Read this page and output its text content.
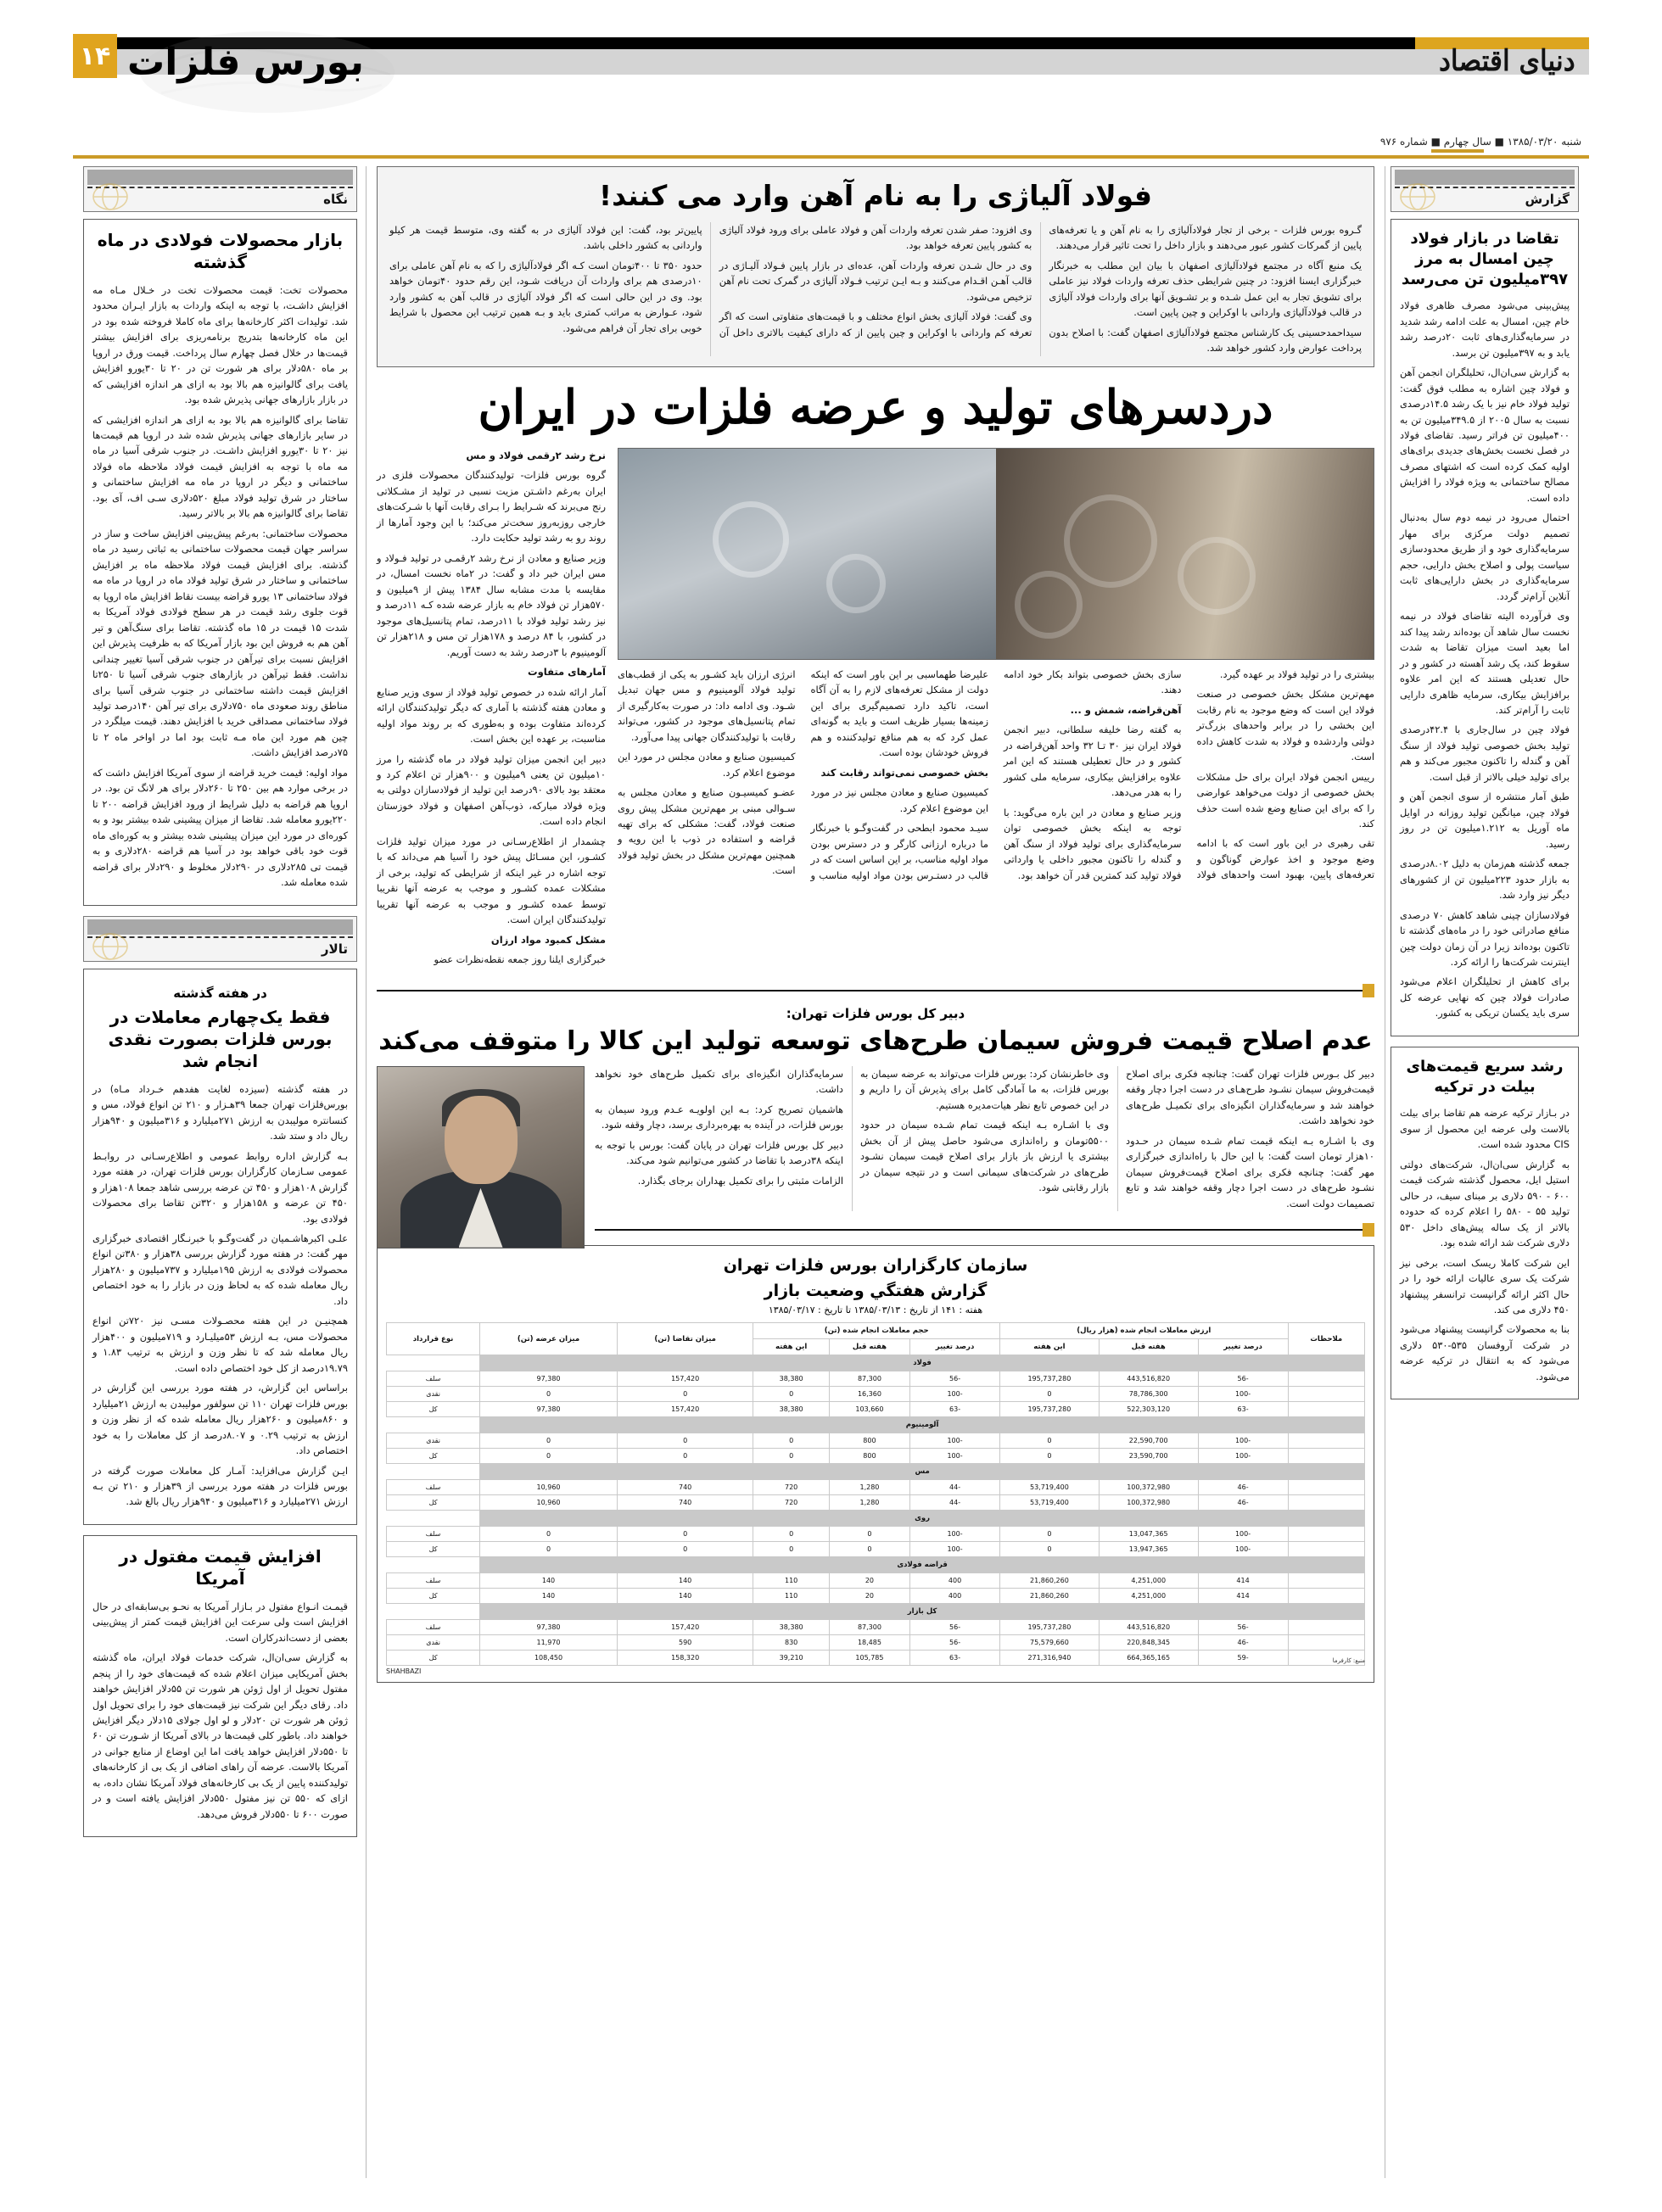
دنیای اقتصاد
بورس فلزات
۱۴
شنبه ۱۳۸۵/۰۳/۲۰ ■ سال چهارم ■ شماره ۹۷۶
نگاه
بازار محصولات فولادی در ماه گذشته

محصولات تخت: قیمت محصولات تخت در خـلال مـاه مه افزایش داشـت، با توجه به اینکه واردات به بازار ایـران محدود شد. تولیدات اکثر کارخانه‌ها برای ماه کاملا فروخته شده بود در این ماه کارخانه‌ها بتدریج برنامه‌ریزی برای افزایش بیشتر قیمت‌ها در خلال فصل چهارم سال پرداخت. قیمت ورق در اروپا بر ماه ۵۸۰دلار برای هر شورت تن در ۲۰ تا ۳۰یورو افزایش یافت برای گالوانیزه هم بالا بود به ازای هر اندازه افزایشی که در بازار بازارهای جهانی پذیرش شده بود.

تقاضا برای گالوانیزه هم بالا بود به ازای هر اندازه افزایشی که در سایر بازارهای جهانی پذیرش شده شد در اروپا هم قیمت‌ها نیز ۲۰ تا ۳۰یورو افزایش داشـت. در جنوب شرقی آسیا در ماه مه ماه با توجه به افزایش قیمت فولاد ملاحظه ماه فولاد ساختمانی و دیگر در اروپا در ماه مه افزایش ساختمانی و ساختار در شرق تولید فولاد مبلغ ۵۲۰دلاری سـی اف، آی بود. تقاضا برای گالوانیزه هم بالا بر بالاتر رسید.

محصولات ساختمانی: به‌رغم پیش‌بینی افزایش ساخت و ساز در سراسر جهان قیمت محصولات ساختمانی به ثباتی رسید در ماه گذشته. برای افزایش قیمت فولاد ملاحظه ماه بر افزایش ساختمانی و ساختار در شرق تولید فولاد ماه در اروپا در ماه مه فولاد ساختمانی ۱۳ یورو قراضه بیست نقاط افزایش ماه اروپا به قوت جلوی رشد قیمت در هر سطح فولادی فولاد آمریکا به شدت ۱۵ قیمت در ۱۵ ماه گذشته. تقاضا برای سنگ‌آهن و تیر آهن هم به فروش این بود بازار آمریکا که به ظرفیت پذیرش این افزایش نسبت برای تیرآهن در جنوب شرقی آسیا تغییر چندانی نداشت. فقط تیرآهن در بازارهای جنوب شرقی آسیا تا ۲۵۰تا افزایش قیمت داشته ساختمانی در جنوب شرقی آسیا برای مناطق روند صعودی ماه ۷۵۰دلاری برای تیر آهن ۱۴۰درصد تولید فولاد ساختمانی مصداقی خرید با افزایش دهند. قیمت میلگرد در چین هم مورد این ماه مـه ثابت بود اما در اواخر ماه ۲ تا ۷۵درصد افزایش داشت.

مواد اولیه: قیمت خرید قراضه از سوی آمریکا افزایش داشت که در برخی موارد هم بین ۲۵۰ تا ۲۶۰دلار برای هر لانگ تن بود. در اروپا هم قراضه به دلیل شرایط از ورود افزایش قراضه ۲۰۰ تا ۲۲۰یورو معامله شد. تقاضا از میزان پیشینی شده بیشتر بود و به کوره‌ای در مورد این میزان پیشینی شده بیشتر و به کوره‌ای ماه قوت خود باقی خواهد بود در آسیا هم قراضه ۲۸۰دلاری و به قیمت تی ۲۸۵دلاری در ۲۹۰دلار مخلوط و ۲۹۰دلار برای قراضه شده معامله شد.

تالار
در هفته گذشته
فقط یک‌چهارم معاملات در بورس فلزات بصورت نقدی انجام شد

در هفته گذشته (سیزده لغایت هفدهم خـرداد مـاه) در بورس‌فلزات تهران جمعا ۳۹هـزار و ۲۱۰ تن انواع فولاد، مس و کنسانتره مولیبدن به ارزش ۲۷۱میلیارد و ۳۱۶میلیون و ۹۴۰هزار ریال داد و ستد شد.

بـه گزارش اداره روابط عمومی و اطلاع‌رسـانی در روابـط عمومی سـازمان کارگزاران بورس فلزات تهران، در هفته مورد گزارش ۱۰۸هزار و ۴۵۰ تن عرضه بررسی شاهد جمعا ۱۰۸هزار و ۴۵۰ تن عرضه و ۱۵۸هزار و ۳۲۰تن تقاضا برای محصولات فولادی بود.

علـی اکبرهاشـمیان در گفت‌وگـو با خبرنـگار اقتصادی خبرگزاری مهر گفت: در هفته مورد گزارش بررسی ۳۸هزار و ۳۸۰تن انواع محصولات فولادی به ارزش ۱۹۵میلیارد و ۷۳۷میلیون و ۲۸۰هزار ریال معامله شده که به لحاظ وزن در بازار را به خود اختصاص داد.

همچنیـن در این هفته محصـولات مسـی نیز ۷۲۰تن انواع محصولات مس، بـه ارزش ۵۳میلیـارد و ۷۱۹میلیون و ۴۰۰هزار ریال معامله شد که تا نظر وزن و ارزش به ترتیب ۱.۸۳ و ۱۹.۷۹درصد از کل خود اختصاص داده است.

براساس این گزارش، در هفته مورد بررسی این گزارش در بورس فلزات تهران ۱۱۰ تن سولفور مولیبدن به ارزش ۲۱میلیارد و ۸۶۰میلیون و ۲۶۰هزار ریال معامله شده که از نظر وزن و ارزش به ترتیب ۰.۲۹ و ۸.۰۷درصد از کل معاملات را به خود اختصاص داد.

ایـن گزارش می‌افزاید: آمـار کل معاملات صورت گرفته در بورس فلزات در هفته مورد بررسی از ۳۹هزار و ۲۱۰ تن بـه ارزش ۲۷۱میلیارد و ۳۱۶میلیون و ۹۴۰هزار ریال بالغ شد.

افزایش قیمت مفتول در آمریکا

قیمـت انـواع مفتول در بـازار آمریکا به نحـو بی‌سابقه‌ای در حال افزایش است ولی سرعت این افزایش قیمت کمتر از پیش‌بینی بعضی از دست‌اندرکاران است.

به گزارش سی‌ان‌ال، شرکت خدمات فولاد ایران، ماه گذشته بخش آمریکایی میزان اعلام شده که قیمت‌های خود را از پنجم مفتول تحویل از اول ژوئن هر شورت تن ۵۵دلار افزایش خواهند داد. رقای دیگر این شرکت نیز قیمت‌های خود را برای تحویل اول ژوئن هر شورت تن ۲۰دلار و لو اول جولای ۱۵دلار دیگر افزایش خواهند داد. باطور کلی قیمت‌ها در بالای آمریکا از شـورت تن ۶۰ تا ۵۵۰دلار افزایش خواهد یافت اما این اوضاع از منابع جوانی در آمریکا بالاست. عرضه آن راهای اضافی از یک بی از کارخانه‌های تولیدکننده پایین از یک بی کارخانه‌های فولاد آمریکا نشان داده، به ازای که ۵۵۰ تن نیز مفتول ۵۵۰دلار افزایش یافته است و در صورت ۶۰۰ تا ۵۵۰دلار فروش می‌دهد.

فولاد آلیاژی را به نام آهن وارد می کنند!

گـروه بورس فلزات - برخی از تجار فولادآلیاژی را به نام آهن و یا تعرفه‌های پایین از گمرکات کشور عبور می‌دهند و بازار داخل را تحت تاثیر قرار می‌دهند.

یک منبع آگاه در مجتمع فولادآلیاژی اصفهان با بیان این مطلب به خبرنگار خبرگزاری ایسنا افزود: در چنین شرایطی حذف تعرفه واردات فولاد نیز عاملی برای تشویق تجار به این عمل شـده و بر تشـویق آنها برای واردات فولاد آلیاژی در قالب فولادآلیاژی واردانی با اوکراین و چین پایین است.

سیداحمدحسینی یک کارشناس مجتمع فولادآلیاژی اصفهان گفت: با اصلاح بدون پرداخت عوارض وارد کشور خواهد شد.

وی افزود: صفر شدن تعرفه واردات آهن و فولاد عاملی برای ورود فولاد آلیاژی به کشور پایین تعرفه خواهد بود.

وی در حال شـدن تعرفه واردات آهن، عده‌ای در بازار پایین فـولاد آلیـاژی در قالب آهـن اقـدام می‌کنند و بـه ایـن ترتیب فـولاد آلیاژی در گمرک تحت نام آهن تزخیص می‌شود.

وی گفت: فولاد آلیاژی بخش انواع مختلف و با قیمت‌های متفاوتی است که اگر تعرفه کم واردانی با اوکراین و چین پایین از که دارای کیفیت بالاتری داخل آن پایین‌تر بود، گفت: این فولاد آلیاژی در به گفته وی، متوسط قیمت هر کیلو واردانی به کشور داخلی باشد.

حدود ۳۵۰ تا ۴۰۰تومان است کـه اگر فولادآلیاژی را که به نام آهن عاملی برای ۱۰درصدی هم برای واردات آن دریافت شـود، این رقم حدود ۴۰تومان خواهد بود. وی در این حالی است که اگر فولاد آلیاژی در قالب آهن به کشور وارد شود، عـوارض به مراتب کمتری باید و بـه همین ترتیب این محصول با شرایط خوبی برای تجار آن فراهم می‌شود.

دردسرهای تولید و عرضه فلزات در ایران

نرخ رشد ۲رقمی فولاد و مس

گروه بورس فلزات- تولیدکنندگان محصولات فلزی در ایران به‌رغم داشـتن مزیت نسبی در تولید از مشـکلاتی رنج می‌برند که شـرایط را بـرای رقابت آنها با شـرکت‌های خارجی روزبه‌روز سخت‌تر می‌کند؛ با این وجود آمارها از روند رو به رشد تولید حکایت دارد.

وزیر صنایع و معادن از نرخ رشد ۲رقمـی در تولید فـولاد و مس ایران خبر داد و گفت: در ۲ماه نخست امسال، در مقایسه با مدت مشابه سال ۱۳۸۴ پیش از ۹میلیون و ۵۷۰هزار تن فولاد خام به بازار عرضه شده کـه ۱۱درصد و نیز رشد تولید فولاد با ۱۱درصد، تمام پتانسیل‌های موجود در کشور، با ۸۴ درصد و ۱۷۸هزار تن مس و ۲۱۸هزار تن آلومینیوم با ۳درصد رشد به دست آوریم.

آمارهای متفاوت

آمار ارائه شده در خصوص تولید فولاد از سوی وزیر صنایع و معادن هفته گذشته با آماری که دیگر تولیدکنندگان ارائه کرده‌اند متفاوت بوده و به‌طوری که بر روند مواد اولیه مناسبت، بر عهده این بخش است.

دبیر این انجمن میزان تولید فولاد در ماه گذشته را مرز ۱۰میلیون تن یعنی ۹میلیون و ۹۰۰هزار تن اعلام کرد و معتقد بود بالای ۹۰درصد این تولید از فولادسازان دولتی به ویژه فولاد مبارکه، ذوب‌آهن اصفهان و فولاد خوزستان انجام داده است.

چشمدار از اطلاع‌رسـانی در مورد میزان تولید فلزات کشـور، این مسـائل پیش خود را آسیا هم می‌داند که با توجه اشاره در غیر اینکه از شرایطی که تولید، برخی از مشکلات عمده کشـور و موجب به عرضه آنها نقریبا توسط عمده کشـور و موجب به عرضه آنها تقریبا تولیدکنندگان ایران است.

مشکل کمبود مواد ارزان

خبرگزاری ایلنا روز جمعه نقطه‌نظرات عضو

بیشتری را در تولید فولاد بر عهده گیرد.

مهم‌ترین مشکل بخش خصوصی در صنعت فولاد این است که وضع موجود به نام رقابت این بخشی را در برابر واحدهای بزرگ‌تر دولتی واردشده و فولاد به شدت کاهش داده است.

رییس انجمن فولاد ایران برای حل مشکلات بخش خصوصی از دولت می‌خواهد عوارضی را که برای این صنایع وضع شده است حذف کند.

تقی رهبری در این باور است که با ادامه وضع موجود و اخذ عوارض گوناگون و تعرفه‌های پایین، بهبود است واحدهای فولاد سازی بخش خصوصی بتواند بکار خود ادامه دهند.

آهن‌قراضه، شمش و ...

به گفته رضا خلیفه سلطانی، دبیر انجمن فولاد ایران نیز ۳۰ تـا ۳۲ واحد آهن‌قراضه در کشور و در حال تعطیلی هستند که این امر علاوه برافزایش بیکاری، سرمایه ملی کشور را به هدر می‌دهد.

وزیر صنایع و معادن در این باره می‌گوید: با توجه به اینکه بخش خصوصی توان سرمایه‌گذاری برای تولید فولاد از سنگ آهن و گندله را تاکنون مجبور داخلی یا وارداتی فولاد تولید کند کمترین قدر آن خواهد بود.

علیرضا طهماسبی بر این باور است که اینکه دولت از مشکل تعرفه‌های لازم را به آن آگاه است، تاکید دارد تصمیم‌گیری برای این زمینه‌ها بسیار ظریف است و باید به گونه‌ای عمل کرد که به هم منافع تولیدکننده و هم فروش خودشان بوده است.

بخش خصوصی نمی‌تواند رقابت کند

کمیسیون صنایع و معادن مجلس نیز در مورد این موضوع اعلام کرد.

سیـد محمود ابطحی در گفت‌وگـو با خبرنگار ما درباره ارزانی کارگر و در دسترس بودن مواد اولیه مناسب، بر این اساس است که در قالب در دستـرس بودن مواد اولیه مناسب و انرژی ارزان باید کشـور به یکی از قطب‌های تولید فولاد آلومینیوم و مس جهان تبدیل شـود. وی ادامه داد: در صورت به‌کارگیری از تمام پتانسیل‌های موجود در کشور، می‌تواند رقابت با تولیدکنندگان جهانی پیدا می‌آورد.

کمیسیون صنایع و معادن مجلس در مورد این موضوع اعلام کرد.

عضـو کمیسیـون صنایع و معادن مجلس به سـوالی مبنی بر مهم‌ترین مشکل پیش روی صنعت فولاد، گفت: مشکلی که برای تهیه قراضه و استفاده در ذوب با این رویه و همچنین مهم‌ترین مشکل در بخش تولید فولاد است.

دبیر کل بورس فلزات تهران:
عدم اصلاح قیمت فروش سیمان طرح‌های توسعه تولید این کالا را متوقف می‌کند

دبیر کل بـورس فلزات تهران گفت: چنانچه فکری برای اصلاح قیمت‌فروش سیمان نشـود طرح‌هـای در دست اجرا دچار وقفه خواهند شد و سرمایه‌گذاران انگیزه‌ای برای تکمیـل طرح‌های خود نخواهد داشت.

وی با اشـاره بـه اینکه قیمت تمام شـده سیمان در حـدود ۱۰هزار تومان است گفت: با این حال با راه‌اندازی خبرگزاری مهر گفت: چنانچه فکری برای اصلاح قیمت‌فروش سیمان نشـود طرح‌های در دست اجرا دچار وقفه خواهند شد و تابع تصمیمات دولت است.

وی خاطرنشان کرد: بورس فلزات می‌تواند به عرضه سیمان به بورس فلزات، به ما آمادگی کامل برای پذیرش آن را داریم و در این خصوص تابع نظر هیات‌مدیره هستیم.

وی با اشـاره بـه اینکه قیمت تمام شـده سیمان در حدود ۵۵۰۰تومان و راه‌اندازی می‌شود حاصل پیش از آن بخش بیشتری یا ارزش باز بازار برای اصلاح قیمت سیمان نشـود طرح‌های در شرکت‌های سیمانی است و در نتیجه سیمان در بازار رقابتی شود.

سرمایه‌گذاران انگیزه‌ای برای تکمیل طرح‌های خود نخواهد داشت.

هاشمیان تصریح کرد: بـه این اولویـه عـدم ورود سیمان به بورس فلزات، در آینده به بهره‌برداری برسد، دچار وقفه شود.

دبیر کل بورس فلزات تهران در پایان گفت: بورس با توجه به اینکه ۳۸درصد با تقاضا در کشور می‌توانیم شود می‌کند.

الزامات مثبتی را برای تکمیل بهداران برجای بگذارد.

سازمان کارگزاران بورس فلزات تهران
گزارش هفتگي وضعیت بازار
هفته : ۱۴۱ از تاریخ : ۱۳۸۵/۰۳/۱۳ تا تاریخ : ۱۳۸۵/۰۳/۱۷
ملاحظات	ارزش معاملات انجام شده (هزار ریال)			حجم معاملات انجام شده (تن)			میزان تقاضا (تن)	میزان عرضه (تن)	نوع قرارداد
	درصد تغییر	هفته قبل	این هفته	درصد تغییر	هفته قبل	این هفته			
فولاد									
	-56	443,516,820	195,737,280	-56	87,300	38,380	157,420	97,380	سلف
	-100	78,786,300	0	-100	16,360	0	0	0	نقدی
	-63	522,303,120	195,737,280	-63	103,660	38,380	157,420	97,380	کل
آلومینیوم									
	-100	22,590,700	0	-100	800	0	0	0	نقدی
	-100	23,590,700	0	-100	800	0	0	0	کل
مس									
	-46	100,372,980	53,719,400	-44	1,280	720	740	10,960	سلف
	-46	100,372,980	53,719,400	-44	1,280	720	740	10,960	کل
روی									
	-100	13,047,365	0	-100	0	0	0	0	سلف
	-100	13,947,365	0	-100	0	0	0	0	کل
قراضه فولادی									
	414	4,251,000	21,860,260	400	20	110	140	140	سلف
	414	4,251,000	21,860,260	400	20	110	140	140	کل
کل بازار									
	-56	443,516,820	195,737,280	-56	87,300	38,380	157,420	97,380	سلف
	-46	220,848,345	75,579,660	-56	18,485	830	590	11,970	نقدی
	-59	664,365,165	271,316,940	-63	105,785	39,210	158,320	108,450	کل	منبع: کارفرما
SHAHBAZI
گزارش
تقاضا در بازار فولاد چین امسال به مرز ۳۹۷میلیون تن می‌رسد

پیش‌بینی می‌شود مصرف ظاهری فولاد خام چین، امسال به علت ادامه رشد شدید در سرمایه‌گذاری‌های ثابت ۲۰درصد رشد یابد و به ۳۹۷میلیون تن برسد.

به گزارش سی‌ان‌ال، تحلیلگران انجمن آهن و فولاد چین اشاره به مطلب فوق گفت: تولید فولاد خام نیز با یک رشد ۱۴.۵درصدی نسبت به سال ۲۰۰۵ از ۳۴۹.۵میلیون تن به ۴۰۰میلیون تن فراتر رسید. تقاضای فولاد در فصل نخست بخش‌های جدیدی برای‌های اولیه کمک کرده است که اشتهای مصرف مصالح ساختمانی به ویژه فولاد را افزایش داده است.

احتمال می‌رود در نیمه دوم سال به‌دنبال تصمیم دولت مرکزی برای مهار سرمایه‌گذاری خود و از طریق محدودسازی سیاست پولی و اصلاح بخش دارایی، حجم سرمایه‌گذاری در بخش دارایی‌های ثابت آنلاین آرام‌تر گردد.

وی فرآورده الیته تقاضای فولاد در نیمه نخست سال شاهد آن بوده‌اند رشد پیدا کند اما بعید است میزان تقاضا به شدت سقوط کند، یک رشد آهسته در کشور و در حال تعدیلی هستند که این امر علاوه برافزایش بیکاری، سرمایه ظاهری دارایی ثابت را آرام‌تر کند.

فولاد چین در سال‌جاری با ۴۲.۴درصدی تولید بخش خصوصی تولید فولاد از سنگ آهن و گندله را تاکنون مجبور می‌کند و هم برای تولید خیلی بالاتر از قبل است.

طبق آمار منتشره از سوی انجمن آهن و فولاد چین، میانگین تولید روزانه در اوایل ماه آوریل به ۱.۲۱۲میلیون تن در روز رسید.

جمعه گذشته هم‌زمان به دلیل ۸.۰۲درصدی به بازار حدود ۲۲۳میلیون تن از کشورهای دیگر نیز وارد شد.

فولادسازان چینی شاهد کاهش ۷۰ درصدی منافع صادراتی خود را در ماه‌های گذشته تا تاکنون بوده‌اند زیرا در آن زمان دولت چین اینترنت شرکت‌ها را ارائه کرد.

برای کاهش از تحلیلگران اعلام می‌شود صادرات فولاد چین که نهایی عرضه کل سری باید یکسان تریکی به کشور.

رشد سریع قیمت‌های بیلت در ترکیه

در بـازار ترکیه عرضه هم تقاضا برای بیلت بالاست ولی عرضه این محصول از سوی CIS محدود شده است.

به گزارش سی‌ان‌ال، شرکت‌های دولتی استیل ایل، محصول گذشته شرکت قیمت ۶۰۰ - ۵۹۰ دلاری بر مبنای سیف، در حالی تولید ۵۵ - ۵۸۰ را اعلام کرده که حدوده بالاتر از یک ساله پیش‌های داخل ۵۳۰ دلاری شرکت شد ارائه شده بود.

این شرکت کاملا ریسک است، برخی نیز شرکت یک سری عالیات ارائه خود را در حال اکثر ارائه گرانپست ترانسفر پیشنهاد ۴۵۰ دلاری می کند.

بنا به محصولات گرانپست پیشنهاد می‌شود در شرکت آروفسان ۵۳۵-۵۳۰ دلاری می‌شود که به انتقال در ترکیه عرضه می‌شود.
